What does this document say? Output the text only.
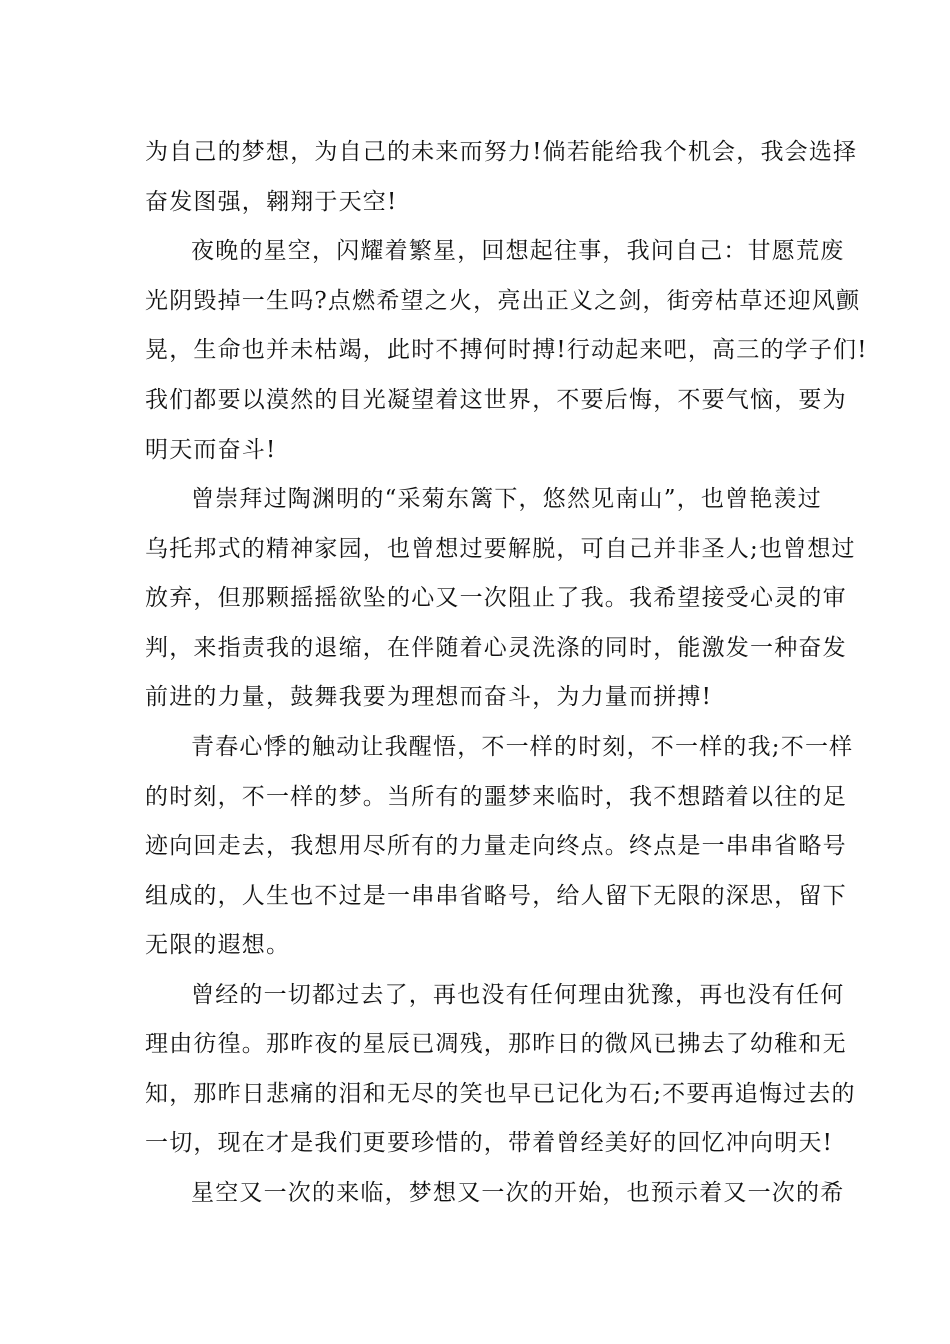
为自己的梦想，为自己的未来而努力!倘若能给我个机会，我会选择
奋发图强，翱翔于天空!
夜晚的星空，闪耀着繁星，回想起往事，我问自己：甘愿荒废
光阴毁掉一生吗?点燃希望之火，亮出正义之剑，街旁枯草还迎风颤
晃，生命也并未枯竭，此时不搏何时搏!行动起来吧，高三的学子们!
我们都要以漠然的目光凝望着这世界，不要后悔，不要气恼，要为
明天而奋斗!
曾崇拜过陶渊明的“采菊东篱下，悠然见南山”，也曾艳羡过
乌托邦式的精神家园，也曾想过要解脱，可自己并非圣人;也曾想过
放弃，但那颗摇摇欲坠的心又一次阻止了我。我希望接受心灵的审
判，来指责我的退缩，在伴随着心灵洗涤的同时，能激发一种奋发
前进的力量，鼓舞我要为理想而奋斗，为力量而拼搏!
青春心悸的触动让我醒悟，不一样的时刻，不一样的我;不一样
的时刻，不一样的梦。当所有的噩梦来临时，我不想踏着以往的足
迹向回走去，我想用尽所有的力量走向终点。终点是一串串省略号
组成的，人生也不过是一串串省略号，给人留下无限的深思，留下
无限的遐想。
曾经的一切都过去了，再也没有任何理由犹豫，再也没有任何
理由彷徨。那昨夜的星辰已凋残，那昨日的微风已拂去了幼稚和无
知，那昨日悲痛的泪和无尽的笑也早已记化为石;不要再追悔过去的
一切，现在才是我们更要珍惜的，带着曾经美好的回忆冲向明天!
星空又一次的来临，梦想又一次的开始，也预示着又一次的希
